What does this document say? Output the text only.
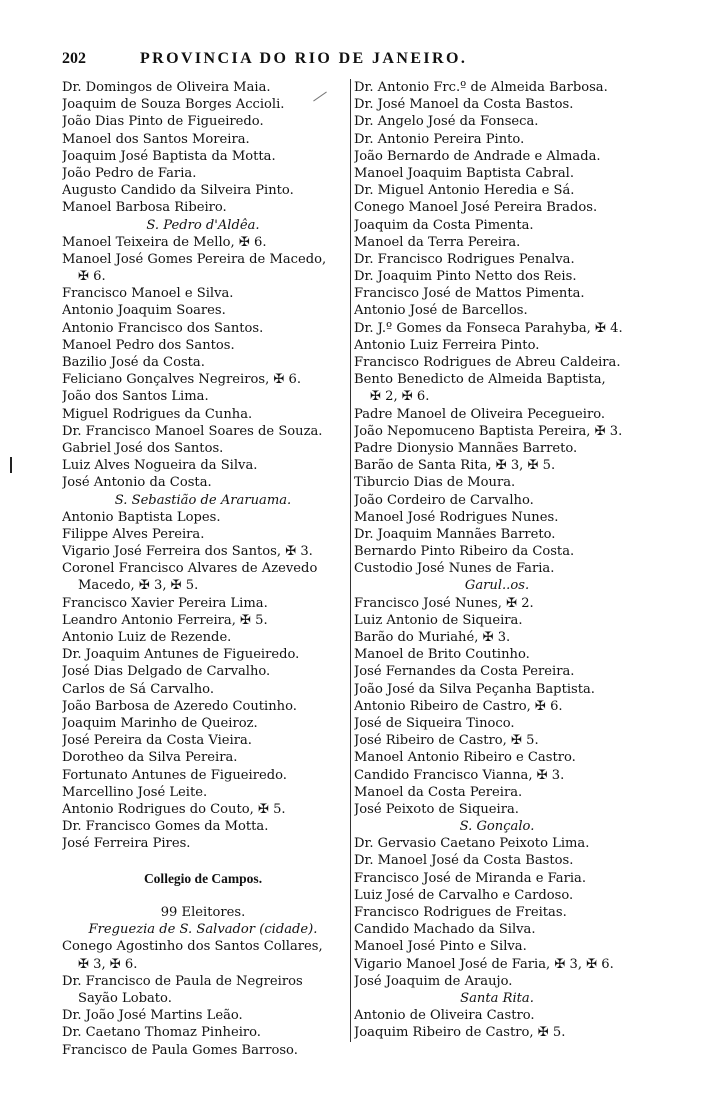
202	PROVINCIA DO RIO DE JANEIRO.
Dr. Domingos de Oliveira Maia.
Joaquim de Souza Borges Accioli.
João Dias Pinto de Figueiredo.
Manoel dos Santos Moreira.
Joaquim José Baptista da Motta.
João Pedro de Faria.
Augusto Candido da Silveira Pinto.
Manoel Barbosa Ribeiro.
S. Pedro d'Aldêa.
Manoel Teixeira de Mello, ✠ 6.
Manoel José Gomes Pereira de Macedo,
✠ 6.
Francisco Manoel e Silva.
Antonio Joaquim Soares.
Antonio Francisco dos Santos.
Manoel Pedro dos Santos.
Bazilio José da Costa.
Feliciano Gonçalves Negreiros, ✠ 6.
João dos Santos Lima.
Miguel Rodrigues da Cunha.
Dr. Francisco Manoel Soares de Souza.
Gabriel José dos Santos.
Luiz Alves Nogueira da Silva.
José Antonio da Costa.
S. Sebastião de Araruama.
Antonio Baptista Lopes.
Filippe Alves Pereira.
Vigario José Ferreira dos Santos, ✠ 3.
Coronel Francisco Alvares de Azevedo
Macedo, ✠ 3, ✠ 5.
Francisco Xavier Pereira Lima.
Leandro Antonio Ferreira, ✠ 5.
Antonio Luiz de Rezende.
Dr. Joaquim Antunes de Figueiredo.
José Dias Delgado de Carvalho.
Carlos de Sá Carvalho.
João Barbosa de Azeredo Coutinho.
Joaquim Marinho de Queiroz.
José Pereira da Costa Vieira.
Dorotheo da Silva Pereira.
Fortunato Antunes de Figueiredo.
Marcellino José Leite.
Antonio Rodrigues do Couto, ✠ 5.
Dr. Francisco Gomes da Motta.
José Ferreira Pires.
Collegio de Campos.
99 Eleitores.
Freguezia de S. Salvador (cidade).
Conego Agostinho dos Santos Collares,
✠ 3, ✠ 6.
Dr. Francisco de Paula de Negreiros
Sayão Lobato.
Dr. João José Martins Leão.
Dr. Caetano Thomaz Pinheiro.
Francisco de Paula Gomes Barroso.
Dr. Antonio Frc.º de Almeida Barbosa.
Dr. José Manoel da Costa Bastos.
Dr. Angelo José da Fonseca.
Dr. Antonio Pereira Pinto.
João Bernardo de Andrade e Almada.
Manoel Joaquim Baptista Cabral.
Dr. Miguel Antonio Heredia e Sá.
Conego Manoel José Pereira Brados.
Joaquim da Costa Pimenta.
Manoel da Terra Pereira.
Dr. Francisco Rodrigues Penalva.
Dr. Joaquim Pinto Netto dos Reis.
Francisco José de Mattos Pimenta.
Antonio José de Barcellos.
Dr. J.º Gomes da Fonseca Parahyba, ✠ 4.
Antonio Luiz Ferreira Pinto.
Francisco Rodrigues de Abreu Caldeira.
Bento Benedicto de Almeida Baptista,
✠ 2, ✠ 6.
Padre Manoel de Oliveira Pecegueiro.
João Nepomuceno Baptista Pereira, ✠ 3.
Padre Dionysio Mannães Barreto.
Barão de Santa Rita, ✠ 3, ✠ 5.
Tiburcio Dias de Moura.
João Cordeiro de Carvalho.
Manoel José Rodrigues Nunes.
Dr. Joaquim Mannães Barreto.
Bernardo Pinto Ribeiro da Costa.
Custodio José Nunes de Faria.
Garul..os.
Francisco José Nunes, ✠ 2.
Luiz Antonio de Siqueira.
Barão do Muriahé, ✠ 3.
Manoel de Brito Coutinho.
José Fernandes da Costa Pereira.
João José da Silva Peçanha Baptista.
Antonio Ribeiro de Castro, ✠ 6.
José de Siqueira Tinoco.
José Ribeiro de Castro, ✠ 5.
Manoel Antonio Ribeiro e Castro.
Candido Francisco Vianna, ✠ 3.
Manoel da Costa Pereira.
José Peixoto de Siqueira.
S. Gonçalo.
Dr. Gervasio Caetano Peixoto Lima.
Dr. Manoel José da Costa Bastos.
Francisco José de Miranda e Faria.
Luiz José de Carvalho e Cardoso.
Francisco Rodrigues de Freitas.
Candido Machado da Silva.
Manoel José Pinto e Silva.
Vigario Manoel José de Faria, ✠ 3, ✠ 6.
José Joaquim de Araujo.
Santa Rita.
Antonio de Oliveira Castro.
Joaquim Ribeiro de Castro, ✠ 5.
